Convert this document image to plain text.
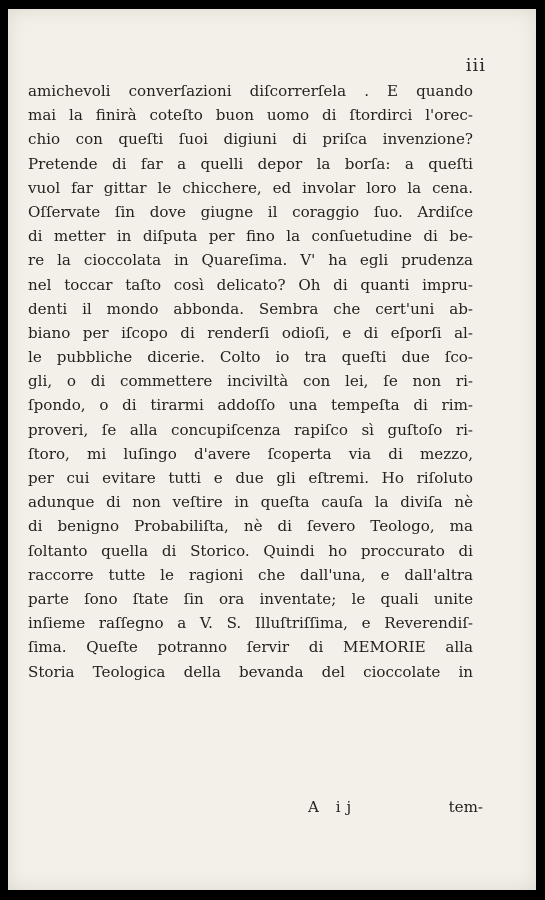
iii
amichevoli converſazioni diſcorrerſela . E quando
mai la finirà coteſto buon uomo di ſtordirci l'orec-
chio con queſti ſuoi digiuni di priſca invenzione?
Pretende di far a quelli depor la borſa: a queſti
vuol far gittar le chicchere, ed involar loro la cena.
Oſſervate ſin dove giugne il coraggio ſuo. Ardiſce
di metter in diſputa per fino la conſuetudine di be-
re la cioccolata in Quareſima. V' ha egli prudenza
nel toccar taſto così delicato? Oh di quanti impru-
denti il mondo abbonda. Sembra che cert'uni ab-
biano per iſcopo di renderſi odioſi, e di eſporſi al-
le pubbliche dicerie. Colto io tra queſti due ſco-
gli, o di commettere inciviltà con lei, ſe non ri-
ſpondo, o di tirarmi addoſſo una tempeſta di rim-
proveri, ſe alla concupiſcenza rapiſco sì guſtoſo ri-
ſtoro, mi luſingo d'avere ſcoperta via di mezzo,
per cui evitare tutti e due gli eſtremi. Ho riſoluto
adunque di non veſtire in queſta cauſa la diviſa nè
di benigno Probabiliſta, nè di ſevero Teologo, ma
ſoltanto quella di Storico. Quindi ho proccurato di
raccorre tutte le ragioni che dall'una, e dall'altra
parte ſono ſtate ſin ora inventate; le quali unite
inſieme raſſegno a V. S. Illuſtriſſima, e Reverendiſ-
ſima. Queſte potranno ſervir di MEMORIE alla
Storia Teologica della bevanda del cioccolate in
A ij	tem-
